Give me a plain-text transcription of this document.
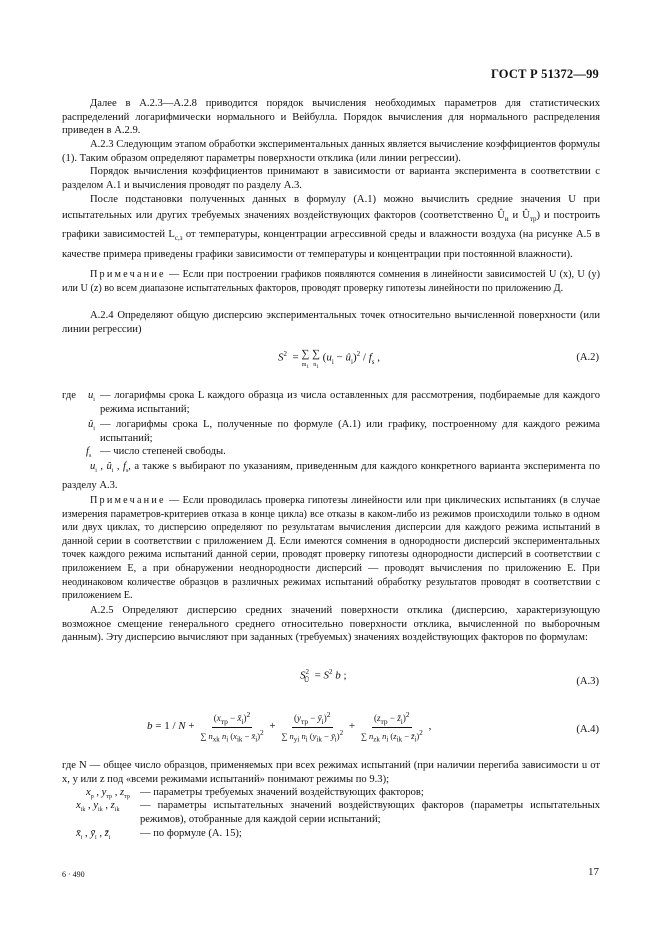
ГОСТ Р 51372—99
Далее в А.2.3—А.2.8 приводится порядок вычисления необходимых параметров для статистических распределений логарифмически нормального и Вейбулла. Порядок вычисления для нормального распределения приведен в А.2.9.
А.2.3 Следующим этапом обработки экспериментальных данных является вычисление коэффициентов формулы (1). Таким образом определяют параметры поверхности отклика (или линии регрессии).
Порядок вычисления коэффициентов принимают в зависимости от варианта эксперимента в соответствии с разделом А.1 и вычисления проводят по разделу А.3.
После подстановки полученных данных в формулу (А.1) можно вычислить средние значения U при испытательных или других требуемых значениях воздействующих факторов (соответственно $Û_и$ и $Û_{тр}$) и построить графики зависимостей $L_{с,з}$ от температуры, концентрации агрессивной среды и влажности воздуха (на рисунке А.5 в качестве примера приведены графики зависимости от температуры и концентрации при постоянной влажности).
Примечание — Если при построении графиков появляются сомнения в линейности зависимостей U (x), U (y) или U (z) во всем диапазоне испытательных факторов, проводят проверку гипотезы линейности по приложению Д.
А.2.4 Определяют общую дисперсию экспериментальных точек относительно вычисленной поверхности (или линии регрессии)
$S^2$  = ∑
$m_1$ ∑
$n_1$ ($u_i$ − $û_i)^2 / f_s$ ,	(А.2)
где	$u_i$ — логарифмы срока L каждого образца из числа оставленных для рассмотрения, подбираемые для каждого режима испытаний;
$û_i$ — логарифмы срока L, полученные по формуле (А.1) или графику, построенному для каждого режима испытаний;
$f_s$ — число степеней свободы.
$u_i$ , $û_i$ , $f_s$, а также s выбирают по указаниям, приведенным для каждого конкретного варианта эксперимента по разделу А.3.
Примечание — Если проводилась проверка гипотезы линейности или при циклических испытаниях (в случае измерения параметров-критериев отказа в конце цикла) все отказы в каком-либо из режимов происходили только в одном или двух циклах, то дисперсию определяют по результатам вычисления дисперсии для каждого режима испытаний в данной серии в соответствии с приложением Д. Если имеются сомнения в однородности дисперсий экспериментальных точек каждого режима испытаний данной серии, проводят проверку гипотезы однородности дисперсий в соответствии с приложением Е, а при обнаружении неоднородности дисперсий — проводят вычисления по приложению Е. При неодинаковом количестве образцов в различных режимах испытаний обработку результатов проводят в соответствии с приложением Е.
А.2.5 Определяют дисперсию средних значений поверхности отклика (дисперсию, характеризующую возможное смещение генерального среднего относительно поверхности отклика, вычисленной по выборочным данным). Эту дисперсию вычисляют при заданных (требуемых) значениях воздействующих факторов по формулам:
$S^2_Ū = S^2$ b ;	(А.3)
$b = 1 / N + \frac{(x_{тр} - x̄_i)^2}{\sum n_{xk} n_i (x_{ik} - x̄_i)^2} + \frac{(y_{тр} - ȳ_i)^2}{\sum n_{yi} n_i (y_{ik} - ȳ_i)^2} + \frac{(z_{тр} - z̄_i)^2}{\sum n_{zk} n_i (z_{ik} - z̄_i)^2}$ ,	(А.4)
где N — общее число образцов, применяемых при всех режимах испытаний (при наличии перегиба зависимости u от x, y или z под «всеми режимами испытаний» понимают режимы по 9.3);
$x_р$ , $y_{тр}$ , $z_{тр}$ — параметры требуемых значений воздействующих факторов;
$x_{ik}$ , $y_{ik}$ , $z_{ik}$	— параметры испытательных значений воздействующих факторов (параметры испытательных режимов), отобранные для каждой серии испытаний;
$x̄_i$ , $ȳ_i$ , $z̄_i$	— по формуле (А. 15);
6 · 490	17
